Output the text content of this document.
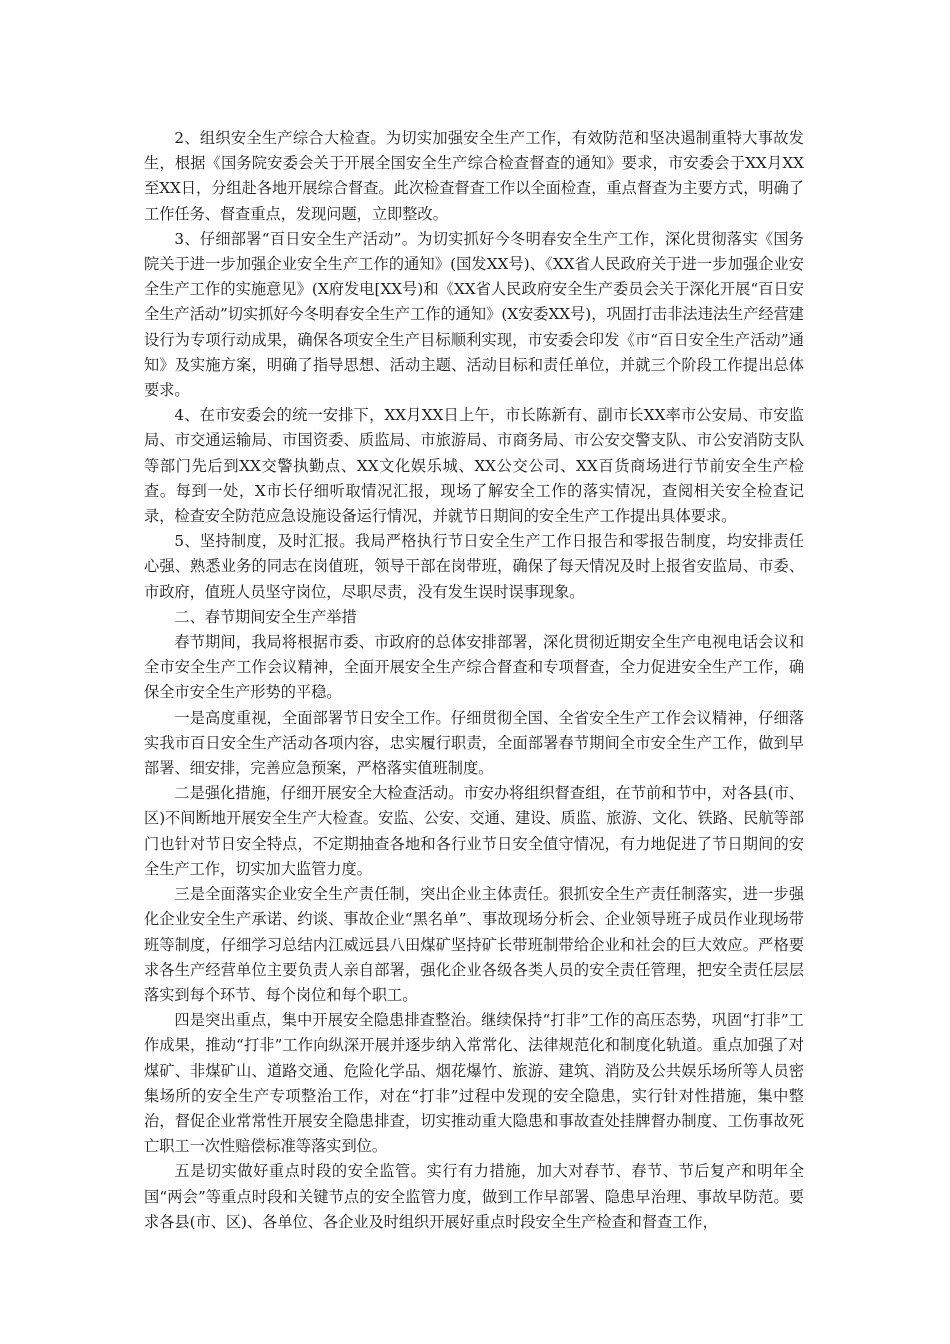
2、组织安全生产综合大检查。为切实加强安全生产工作，有效防范和坚决遏制重特大事故发生，根据《国务院安委会关于开展全国安全生产综合检查督查的通知》要求，市安委会于XX月XX至XX日，分组赴各地开展综合督查。此次检查督查工作以全面检查，重点督查为主要方式，明确了工作任务、督查重点，发现问题，立即整改。

3、仔细部署“百日安全生产活动”。为切实抓好今冬明春安全生产工作，深化贯彻落实《国务院关于进一步加强企业安全生产工作的通知》(国发XX号)、《XX省人民政府关于进一步加强企业安全生产工作的实施意见》(X府发电[XX号)和《XX省人民政府安全生产委员会关于深化开展“百日安全生产活动”切实抓好今冬明春安全生产工作的通知》(X安委XX号)，巩固打击非法违法生产经营建设行为专项行动成果，确保各项安全生产目标顺利实现，市安委会印发《市“百日安全生产活动”通知》及实施方案，明确了指导思想、活动主题、活动目标和责任单位，并就三个阶段工作提出总体要求。

4、在市安委会的统一安排下，XX月XX日上午，市长陈新有、副市长XX率市公安局、市安监局、市交通运输局、市国资委、质监局、市旅游局、市商务局、市公安交警支队、市公安消防支队等部门先后到XX交警执勤点、XX文化娱乐城、XX公交公司、XX百货商场进行节前安全生产检查。每到一处，X市长仔细听取情况汇报，现场了解安全工作的落实情况，查阅相关安全检查记录，检查安全防范应急设施设备运行情况，并就节日期间的安全生产工作提出具体要求。

5、坚持制度，及时汇报。我局严格执行节日安全生产工作日报告和零报告制度，均安排责任心强、熟悉业务的同志在岗值班，领导干部在岗带班，确保了每天情况及时上报省安监局、市委、市政府，值班人员坚守岗位，尽职尽责，没有发生误时误事现象。

二、春节期间安全生产举措

春节期间，我局将根据市委、市政府的总体安排部署，深化贯彻近期安全生产电视电话会议和全市安全生产工作会议精神，全面开展安全生产综合督查和专项督查，全力促进安全生产工作，确保全市安全生产形势的平稳。

一是高度重视，全面部署节日安全工作。仔细贯彻全国、全省安全生产工作会议精神，仔细落实我市百日安全生产活动各项内容，忠实履行职责，全面部署春节期间全市安全生产工作，做到早部署、细安排，完善应急预案，严格落实值班制度。

二是强化措施，仔细开展安全大检查活动。市安办将组织督查组，在节前和节中，对各县(市、区)不间断地开展安全生产大检查。安监、公安、交通、建设、质监、旅游、文化、铁路、民航等部门也针对节日安全特点，不定期抽查各地和各行业节日安全值守情况，有力地促进了节日期间的安全生产工作，切实加大监管力度。

三是全面落实企业安全生产责任制，突出企业主体责任。狠抓安全生产责任制落实，进一步强化企业安全生产承诺、约谈、事故企业“黑名单”、事故现场分析会、企业领导班子成员作业现场带班等制度，仔细学习总结内江威远县八田煤矿坚持矿长带班制带给企业和社会的巨大效应。严格要求各生产经营单位主要负责人亲自部署，强化企业各级各类人员的安全责任管理，把安全责任层层落实到每个环节、每个岗位和每个职工。

四是突出重点，集中开展安全隐患排查整治。继续保持“打非”工作的高压态势，巩固“打非”工作成果，推动“打非”工作向纵深开展并逐步纳入常常化、法律规范化和制度化轨道。重点加强了对煤矿、非煤矿山、道路交通、危险化学品、烟花爆竹、旅游、建筑、消防及公共娱乐场所等人员密集场所的安全生产专项整治工作，对在“打非”过程中发现的安全隐患，实行针对性措施，集中整治，督促企业常常性开展安全隐患排查，切实推动重大隐患和事故查处挂牌督办制度、工伤事故死亡职工一次性赔偿标准等落实到位。

五是切实做好重点时段的安全监管。实行有力措施，加大对春节、春节、节后复产和明年全国“两会”等重点时段和关键节点的安全监管力度，做到工作早部署、隐患早治理、事故早防范。要求各县(市、区)、各单位、各企业及时组织开展好重点时段安全生产检查和督查工作，
